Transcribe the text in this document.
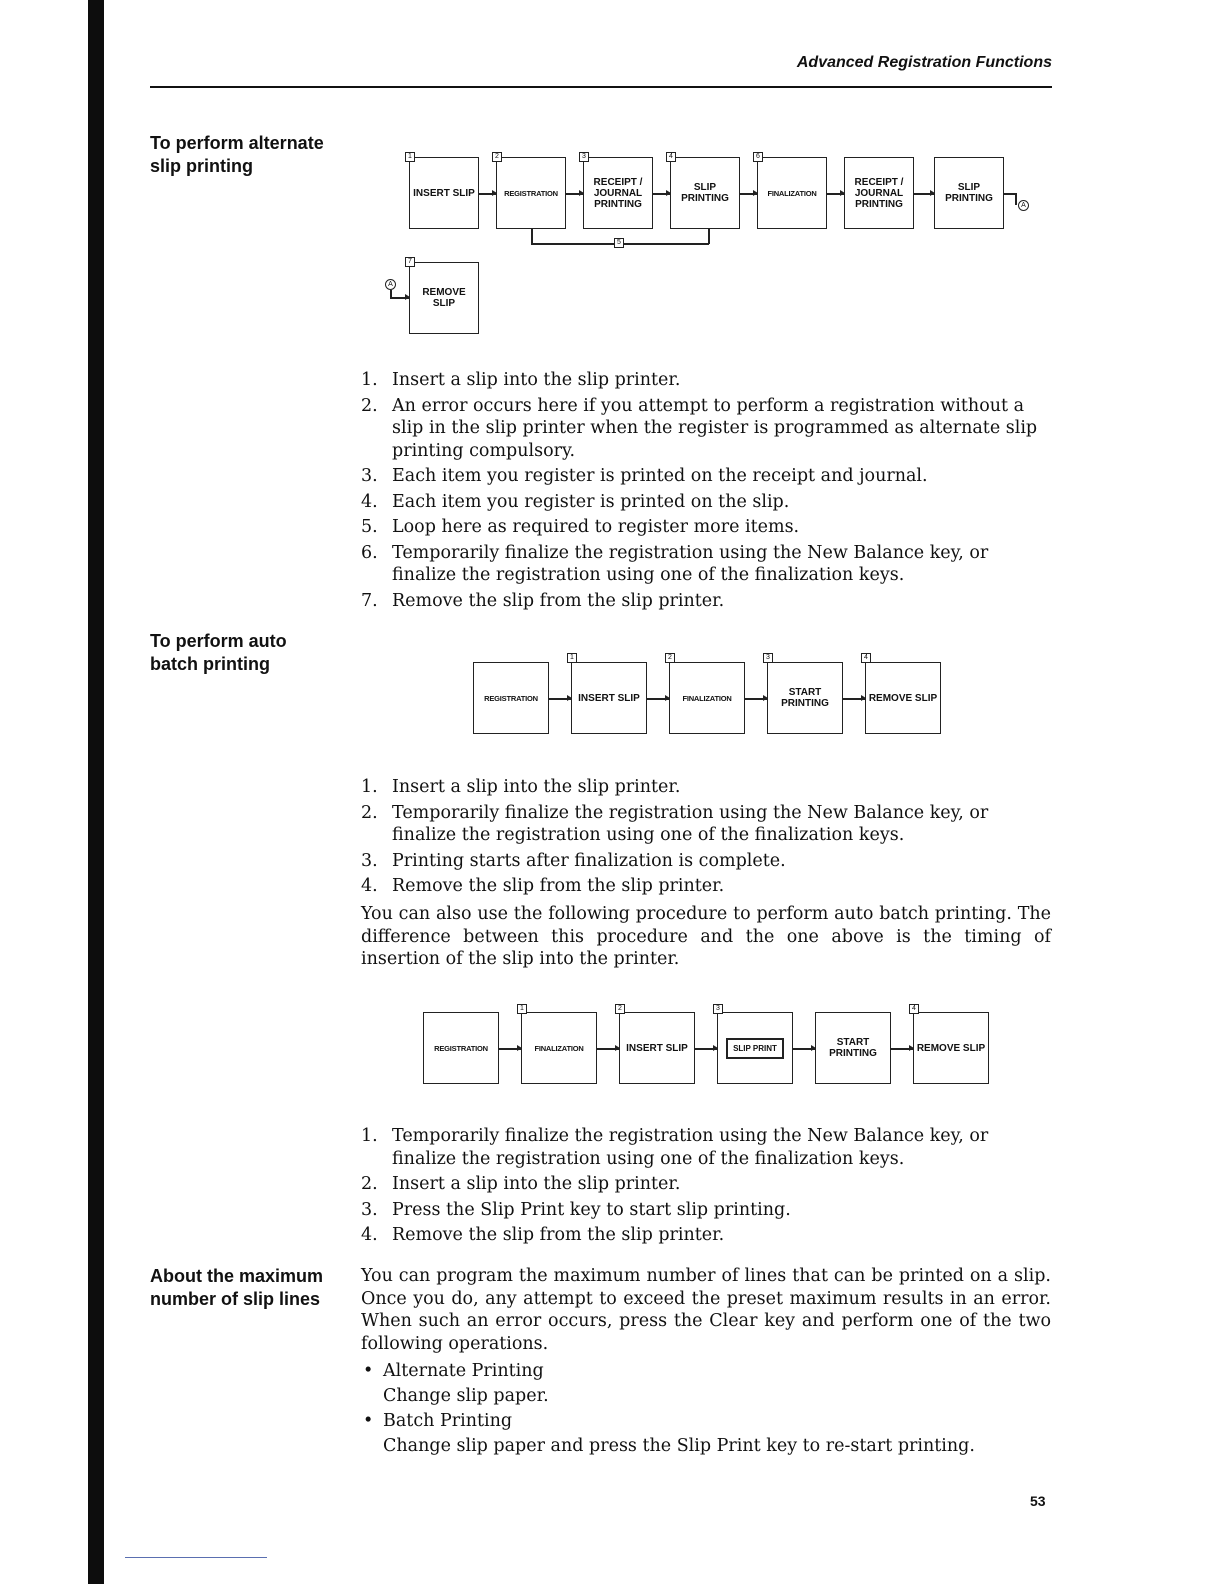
Advanced Registration Functions
To perform alternate
slip printing
INSERT SLIP
1
REGISTRATION
2
RECEIPT / JOURNAL PRINTING
3
SLIP PRINTING
4
FINALIZATION
6
RECEIPT / JOURNAL PRINTING
SLIP PRINTING
A
5
A
REMOVE SLIP
7
1. Insert a slip into the slip printer.
2. An error occurs here if you attempt to perform a registration without a slip in the slip printer when the register is programmed as alternate slip printing compulsory.
3. Each item you register is printed on the receipt and journal.
4. Each item you register is printed on the slip.
5. Loop here as required to register more items.
6. Temporarily finalize the registration using the New Balance key, or finalize the registration using one of the finalization keys.
7. Remove the slip from the slip printer.
To perform auto
batch printing
REGISTRATION	INSERT SLIP
1
FINALIZATION
2
START PRINTING
3
REMOVE SLIP
4
1. Insert a slip into the slip printer.
2. Temporarily finalize the registration using the New Balance key, or finalize the registration using one of the finalization keys.
3. Printing starts after finalization is complete.
4. Remove the slip from the slip printer.

You can also use the following procedure to perform auto batch printing. The difference between this procedure and the one above is the timing of insertion of the slip into the printer.

REGISTRATION	FINALIZATION
1
INSERT SLIP
2
SLIP PRINT
3
START PRINTING	REMOVE SLIP
4
1. Temporarily finalize the registration using the New Balance key, or finalize the registration using one of the finalization keys.
2. Insert a slip into the slip printer.
3. Press the Slip Print key to start slip printing.
4. Remove the slip from the slip printer.
About the maximum
number of slip lines

You can program the maximum number of lines that can be printed on a slip. Once you do, any attempt to exceed the preset maximum results in an error. When such an error occurs, press the Clear key and perform one of the two following operations.

• Alternate Printing
Change slip paper.
• Batch Printing
Change slip paper and press the Slip Print key to re-start printing.
53
